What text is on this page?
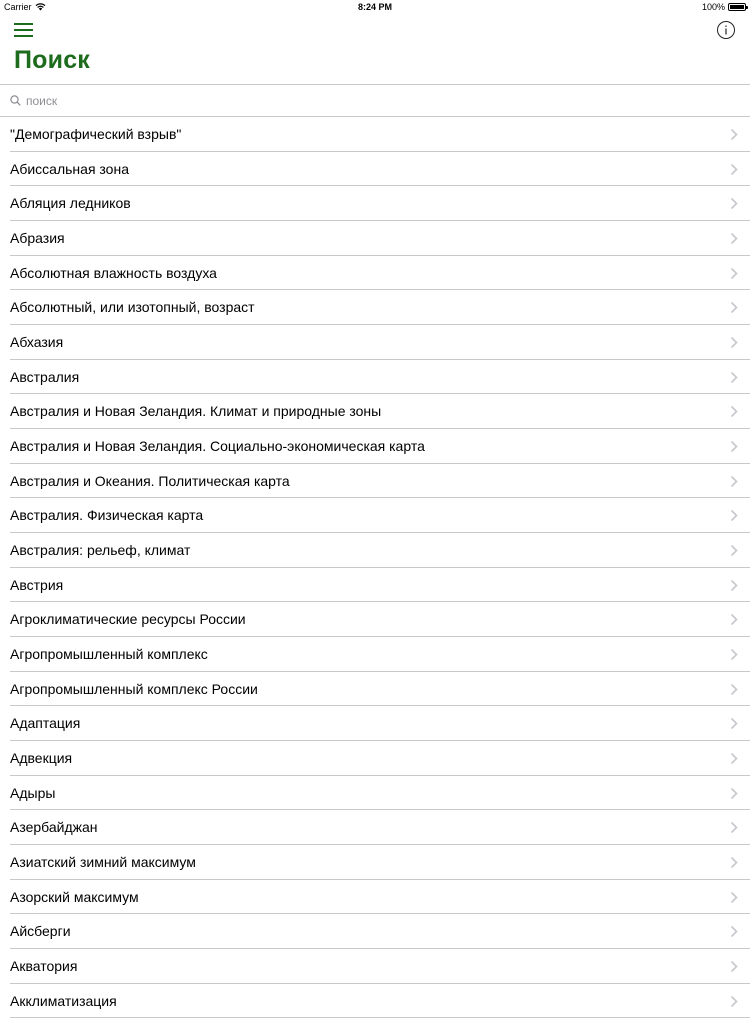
Carrier	8:24 PM	100%
Поиск
поиск
"Демографический взрыв"
Абиссальная зона
Абляция ледников
Абразия
Абсолютная влажность воздуха
Абсолютный, или изотопный, возраст
Абхазия
Австралия
Австралия и Новая Зеландия. Климат и природные зоны
Австралия и Новая Зеландия. Социально-экономическая карта
Австралия и Океания. Политическая карта
Австралия. Физическая карта
Австралия: рельеф, климат
Австрия
Агроклиматические ресурсы России
Агропромышленный комплекс
Агропромышленный комплекс России
Адаптация
Адвекция
Адыры
Азербайджан
Азиатский зимний максимум
Азорский максимум
Айсберги
Акватория
Акклиматизация
